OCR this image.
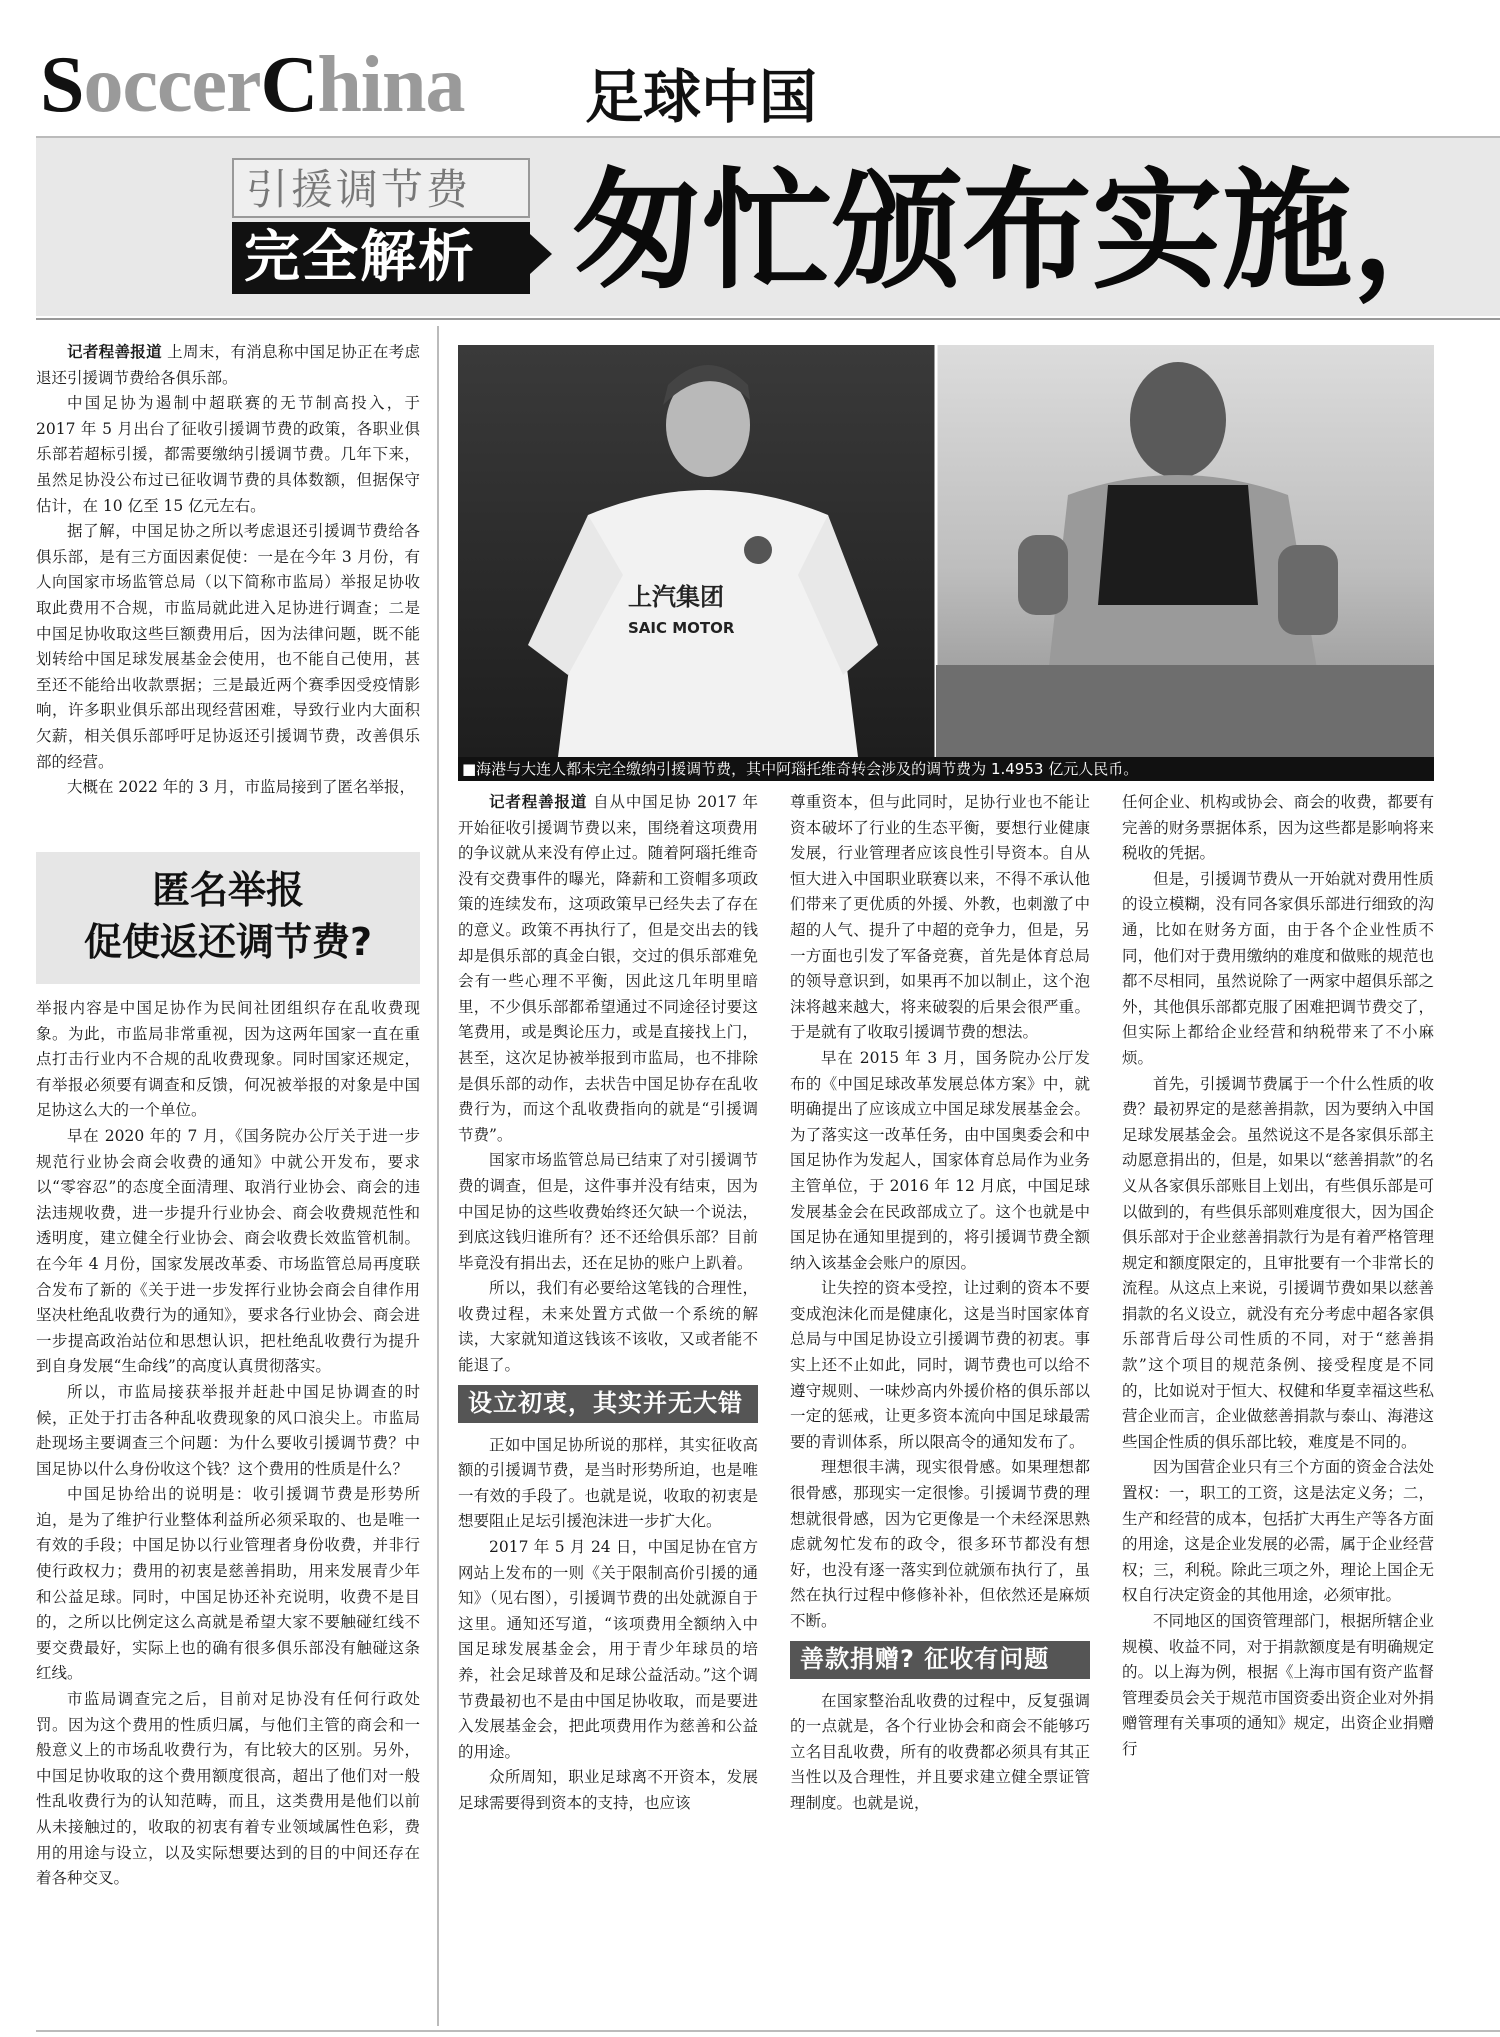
SoccerChina 足球中国
引援调节费
完全解析 匆忙颁布实施，

记者程善报道 上周末，有消息称中国足协正在考虑退还引援调节费给各俱乐部。

中国足协为遏制中超联赛的无节制高投入，于 2017 年 5 月出台了征收引援调节费的政策，各职业俱乐部若超标引援，都需要缴纳引援调节费。几年下来，虽然足协没公布过已征收调节费的具体数额，但据保守估计，在 10 亿至 15 亿元左右。

据了解，中国足协之所以考虑退还引援调节费给各俱乐部，是有三方面因素促使：一是在今年 3 月份，有人向国家市场监管总局（以下简称市监局）举报足协收取此费用不合规，市监局就此进入足协进行调查；二是中国足协收取这些巨额费用后，因为法律问题，既不能划转给中国足球发展基金会使用，也不能自己使用，甚至还不能给出收款票据；三是最近两个赛季因受疫情影响，许多职业俱乐部出现经营困难，导致行业内大面积欠薪，相关俱乐部呼吁足协返还引援调节费，改善俱乐部的经营。

大概在 2022 年的 3 月，市监局接到了匿名举报，

匿名举报
促使返还调节费?

举报内容是中国足协作为民间社团组织存在乱收费现象。为此，市监局非常重视，因为这两年国家一直在重点打击行业内不合规的乱收费现象。同时国家还规定，有举报必须要有调查和反馈，何况被举报的对象是中国足协这么大的一个单位。

早在 2020 年的 7 月，《国务院办公厅关于进一步规范行业协会商会收费的通知》中就公开发布，要求以“零容忍”的态度全面清理、取消行业协会、商会的违法违规收费，进一步提升行业协会、商会收费规范性和透明度，建立健全行业协会、商会收费长效监管机制。在今年 4 月份，国家发展改革委、市场监管总局再度联合发布了新的《关于进一步发挥行业协会商会自律作用坚决杜绝乱收费行为的通知》，要求各行业协会、商会进一步提高政治站位和思想认识，把杜绝乱收费行为提升到自身发展“生命线”的高度认真贯彻落实。

所以，市监局接获举报并赶赴中国足协调查的时候，正处于打击各种乱收费现象的风口浪尖上。市监局赴现场主要调查三个问题：为什么要收引援调节费？中国足协以什么身份收这个钱？这个费用的性质是什么？

中国足协给出的说明是：收引援调节费是形势所迫，是为了维护行业整体利益所必须采取的、也是唯一有效的手段；中国足协以行业管理者身份收费，并非行使行政权力；费用的初衷是慈善捐助，用来发展青少年和公益足球。同时，中国足协还补充说明，收费不是目的，之所以比例定这么高就是希望大家不要触碰红线不要交费最好，实际上也的确有很多俱乐部没有触碰这条红线。

市监局调查完之后，目前对足协没有任何行政处罚。因为这个费用的性质归属，与他们主管的商会和一般意义上的市场乱收费行为，有比较大的区别。另外，中国足协收取的这个费用额度很高，超出了他们对一般性乱收费行为的认知范畴，而且，这类费用是他们以前从未接触过的，收取的初衷有着专业领域属性色彩，费用的用途与设立，以及实际想要达到的目的中间还存在着各种交叉。

上汽集团
SAIC MOTOR
■海港与大连人都未完全缴纳引援调节费，其中阿瑙托维奇转会涉及的调节费为 1.4953 亿元人民币。

记者程善报道 自从中国足协 2017 年开始征收引援调节费以来，围绕着这项费用的争议就从来没有停止过。随着阿瑙托维奇没有交费事件的曝光，降薪和工资帽多项政策的连续发布，这项政策早已经失去了存在的意义。政策不再执行了，但是交出去的钱却是俱乐部的真金白银，交过的俱乐部难免会有一些心理不平衡，因此这几年明里暗里，不少俱乐部都希望通过不同途径讨要这笔费用，或是舆论压力，或是直接找上门，甚至，这次足协被举报到市监局，也不排除是俱乐部的动作，去状告中国足协存在乱收费行为，而这个乱收费指向的就是“引援调节费”。

国家市场监管总局已结束了对引援调节费的调查，但是，这件事并没有结束，因为中国足协的这些收费始终还欠缺一个说法，到底这钱归谁所有？还不还给俱乐部？目前毕竟没有捐出去，还在足协的账户上趴着。

所以，我们有必要给这笔钱的合理性，收费过程，未来处置方式做一个系统的解读，大家就知道这钱该不该收，又或者能不能退了。

设立初衷，其实并无大错

正如中国足协所说的那样，其实征收高额的引援调节费，是当时形势所迫，也是唯一有效的手段了。也就是说，收取的初衷是想要阻止足坛引援泡沫进一步扩大化。

2017 年 5 月 24 日，中国足协在官方网站上发布的一则《关于限制高价引援的通知》（见右图），引援调节费的出处就源自于这里。通知还写道，“该项费用全额纳入中国足球发展基金会，用于青少年球员的培养，社会足球普及和足球公益活动。”这个调节费最初也不是由中国足协收取，而是要进入发展基金会，把此项费用作为慈善和公益的用途。

众所周知，职业足球离不开资本，发展足球需要得到资本的支持，也应该

尊重资本，但与此同时，足协行业也不能让资本破坏了行业的生态平衡，要想行业健康发展，行业管理者应该良性引导资本。自从恒大进入中国职业联赛以来，不得不承认他们带来了更优质的外援、外教，也刺激了中超的人气、提升了中超的竞争力，但是，另一方面也引发了军备竞赛，首先是体育总局的领导意识到，如果再不加以制止，这个泡沫将越来越大，将来破裂的后果会很严重。于是就有了收取引援调节费的想法。

早在 2015 年 3 月，国务院办公厅发布的《中国足球改革发展总体方案》中，就明确提出了应该成立中国足球发展基金会。为了落实这一改革任务，由中国奥委会和中国足协作为发起人，国家体育总局作为业务主管单位，于 2016 年 12 月底，中国足球发展基金会在民政部成立了。这个也就是中国足协在通知里提到的，将引援调节费全额纳入该基金会账户的原因。

让失控的资本受控，让过剩的资本不要变成泡沫化而是健康化，这是当时国家体育总局与中国足协设立引援调节费的初衷。事实上还不止如此，同时，调节费也可以给不遵守规则、一味炒高内外援价格的俱乐部以一定的惩戒，让更多资本流向中国足球最需要的青训体系，所以限高令的通知发布了。

理想很丰满，现实很骨感。如果理想都很骨感，那现实一定很惨。引援调节费的理想就很骨感，因为它更像是一个未经深思熟虑就匆忙发布的政令，很多环节都没有想好，也没有逐一落实到位就颁布执行了，虽然在执行过程中修修补补，但依然还是麻烦不断。

善款捐赠? 征收有问题

在国家整治乱收费的过程中，反复强调的一点就是，各个行业协会和商会不能够巧立名目乱收费，所有的收费都必须具有其正当性以及合理性，并且要求建立健全票证管理制度。也就是说，

任何企业、机构或协会、商会的收费，都要有完善的财务票据体系，因为这些都是影响将来税收的凭据。

但是，引援调节费从一开始就对费用性质的设立模糊，没有同各家俱乐部进行细致的沟通，比如在财务方面，由于各个企业性质不同，他们对于费用缴纳的难度和做账的规范也都不尽相同，虽然说除了一两家中超俱乐部之外，其他俱乐部都克服了困难把调节费交了，但实际上都给企业经营和纳税带来了不小麻烦。

首先，引援调节费属于一个什么性质的收费？最初界定的是慈善捐款，因为要纳入中国足球发展基金会。虽然说这不是各家俱乐部主动愿意捐出的，但是，如果以“慈善捐款”的名义从各家俱乐部账目上划出，有些俱乐部是可以做到的，有些俱乐部则难度很大，因为国企俱乐部对于企业慈善捐款行为是有着严格管理规定和额度限定的，且审批要有一个非常长的流程。从这点上来说，引援调节费如果以慈善捐款的名义设立，就没有充分考虑中超各家俱乐部背后母公司性质的不同，对于“慈善捐款”这个项目的规范条例、接受程度是不同的，比如说对于恒大、权健和华夏幸福这些私营企业而言，企业做慈善捐款与泰山、海港这些国企性质的俱乐部比较，难度是不同的。

因为国营企业只有三个方面的资金合法处置权：一，职工的工资，这是法定义务；二，生产和经营的成本，包括扩大再生产等各方面的用途，这是企业发展的必需，属于企业经营权；三，利税。除此三项之外，理论上国企无权自行决定资金的其他用途，必须审批。

不同地区的国资管理部门，根据所辖企业规模、收益不同，对于捐款额度是有明确规定的。以上海为例，根据《上海市国有资产监督管理委员会关于规范市国资委出资企业对外捐赠管理有关事项的通知》规定，出资企业捐赠行
